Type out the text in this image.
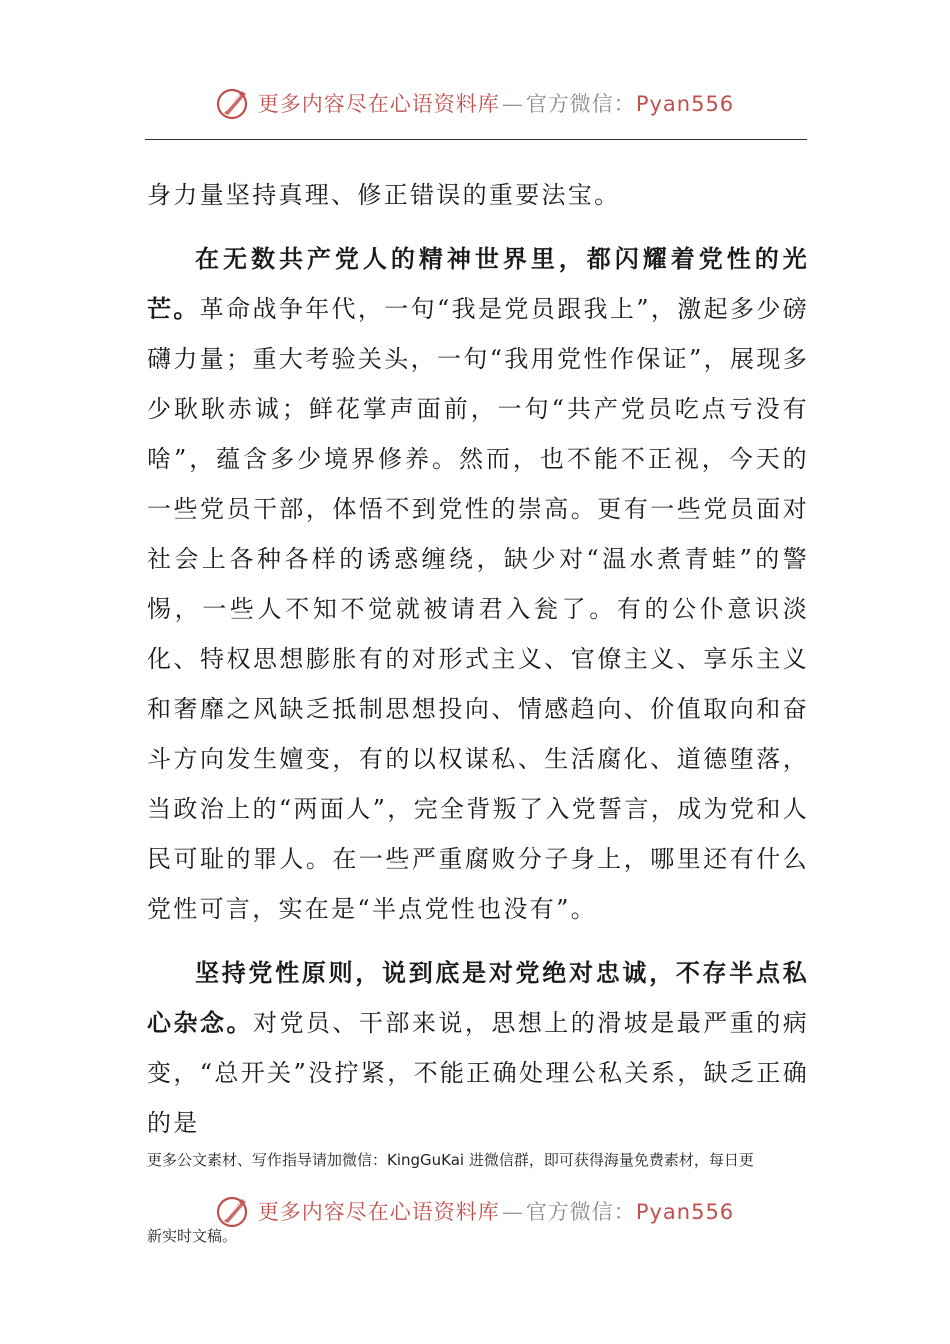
更多内容尽在心语资料库—官方微信：Pyan556

身力量坚持真理、修正错误的重要法宝。

在无数共产党人的精神世界里，都闪耀着党性的光芒。革命战争年代，一句“我是党员跟我上”，激起多少磅礴力量；重大考验关头，一句“我用党性作保证”，展现多少耿耿赤诚；鲜花掌声面前，一句“共产党员吃点亏没有啥”，蕴含多少境界修养。然而，也不能不正视，今天的一些党员干部，体悟不到党性的崇高。更有一些党员面对社会上各种各样的诱惑缠绕，缺少对“温水煮青蛙”的警惕，一些人不知不觉就被请君入瓮了。有的公仆意识淡化、特权思想膨胀有的对形式主义、官僚主义、享乐主义和奢靡之风缺乏抵制思想投向、情感趋向、价值取向和奋斗方向发生嬗变，有的以权谋私、生活腐化、道德堕落，当政治上的“两面人”，完全背叛了入党誓言，成为党和人民可耻的罪人。在一些严重腐败分子身上，哪里还有什么党性可言，实在是“半点党性也没有”。

坚持党性原则，说到底是对党绝对忠诚，不存半点私心杂念。对党员、干部来说，思想上的滑坡是最严重的病变，“总开关”没拧紧，不能正确处理公私关系，缺乏正确的是

更多公文素材、写作指导请加微信：KingGuKai 进微信群，即可获得海量免费素材，每日更
更多内容尽在心语资料库—官方微信：Pyan556
新实时文稿。
